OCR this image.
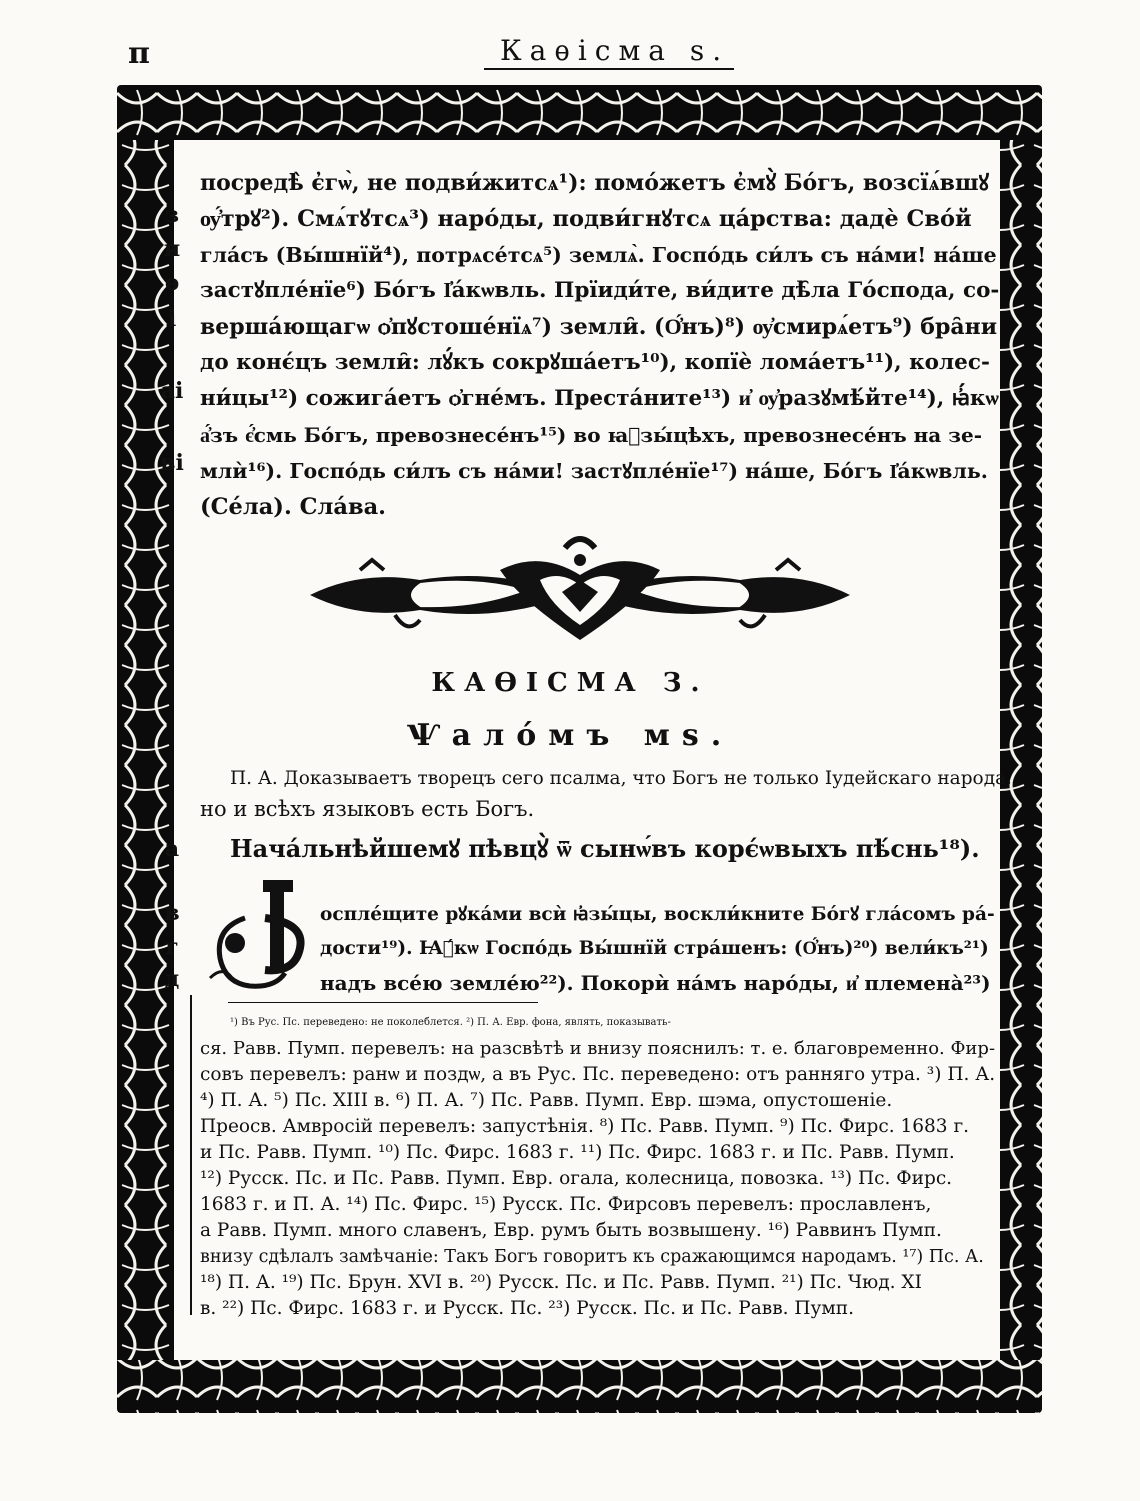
п	Каѳісма ѕ.
з
и
ѳ
і
аі
ві
посредѣ̀ є̓гѡ̀, не подви́житсѧ¹): помо́жетъ є̓мꙋ̀ Бо́гъ, возсїѧ́вшꙋ
ѹ̓́трꙋ²). Смѧ́тꙋтсѧ³) наро́ды, подви́гнꙋтсѧ ца́рства: дадѐ Сво́й
гла́съ (Вы́шнїй⁴), потрѧсе́тсѧ⁵) землѧ̀. Госпо́дь си́лъ съ на́ми! на́ше
застꙋпле́нїе⁶) Бо́гъ І҆а́кѡвль. Прїиди́те, ви́дите дѣ̑ла Го́спода, со-
верша́ющагѡ ѻ҆пꙋстоше́нїѧ⁷) земли̑. (О҆́нъ)⁸) ѹ҆смирѧ́етъ⁹) бра̑ни
до конє́цъ земли̑: лꙋ́къ сокрꙋша́етъ¹⁰), копїѐ лома́етъ¹¹), колес-
ни́цы¹²) сожига́етъ ѻ҆гне́мъ. Преста́ните¹³) и҆ ѹ҆разꙋмѣ́йте¹⁴), ꙗ҆́кѡ
а҆́зъ є҆́смь Бо́гъ, превознесе́нъ¹⁵) во ꙗ҆зы́цѣхъ, превознесе́нъ на зе-
млѝ¹⁶). Госпо́дь си́лъ съ на́ми! застꙋпле́нїе¹⁷) на́ше, Бо́гъ І҆а́кѡвль.
(Се́ла). Сла́ва.
КАѲІСМА З.
Ѱало́мъ мѕ.
П. А. Доказываетъ творецъ сего псалма, что Богъ не только Іудейскаго народа,
но и всѣхъ языковъ есть Богъ.
а
в
г
д
Нача́льнѣйшемꙋ пѣвцꙋ̀ ѿ сынѡ́въ корє́ѡвыхъ пѣ́снь¹⁸).
оспле́щите рꙋка́ми всѝ ꙗ҆зы́цы, воскли́кните Бо́гꙋ гла́сомъ ра́-
дости¹⁹). Ꙗ҆́кѡ Госпо́дь Вы́шнїй стра́шенъ: (О҆́нъ)²⁰) вели́къ²¹)
надъ все́ю земле́ю²²). Покорѝ на́мъ наро́ды, и҆ племена̀²³)
¹) Въ Рус. Пс. переведено: не поколеблется. ²) П. А. Евр. фона, являть, показывать-
ся. Равв. Пумп. перевелъ: на разсвѣтѣ и внизу пояснилъ: т. е. благовременно. Фир-
совъ перевелъ: ранѡ и поздѡ, а въ Рус. Пс. переведено: отъ ранняго утра. ³) П. А.
⁴) П. А. ⁵) Пс. XIII в. ⁶) П. А. ⁷) Пс. Равв. Пумп. Евр. шэма, опустошеніе.
Преосв. Амвросій перевелъ: запустѣнія. ⁸) Пс. Равв. Пумп. ⁹) Пс. Фирс. 1683 г.
и Пс. Равв. Пумп. ¹⁰) Пс. Фирс. 1683 г. ¹¹) Пс. Фирс. 1683 г. и Пс. Равв. Пумп.
¹²) Русск. Пс. и Пс. Равв. Пумп. Евр. огала, колесница, повозка. ¹³) Пс. Фирс.
1683 г. и П. А. ¹⁴) Пс. Фирс. ¹⁵) Русск. Пс. Фирсовъ перевелъ: прославленъ,
а Равв. Пумп. много славенъ, Евр. румъ быть возвышену. ¹⁶) Раввинъ Пумп.
внизу сдѣлалъ замѣчаніе: Такъ Богъ говоритъ къ сражающимся народамъ. ¹⁷) Пс. А.
¹⁸) П. А. ¹⁹) Пс. Брун. XVI в. ²⁰) Русск. Пс. и Пс. Равв. Пумп. ²¹) Пс. Чюд. XI
в. ²²) Пс. Фирс. 1683 г. и Русск. Пс. ²³) Русск. Пс. и Пс. Равв. Пумп.
